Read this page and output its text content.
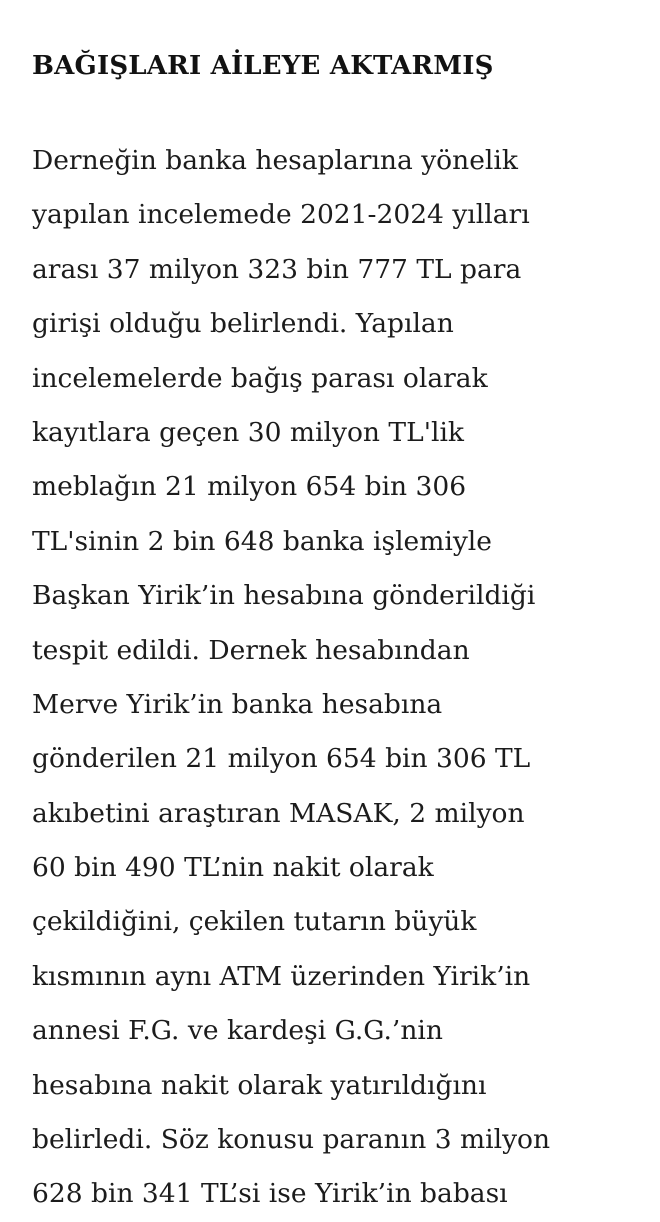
BAĞIŞLARI AİLEYE AKTARMIŞ
Derneğin banka hesaplarına yönelik
yapılan incelemede 2021-2024 yılları
arası 37 milyon 323 bin 777 TL para
girişi olduğu belirlendi. Yapılan
incelemelerde bağış parası olarak
kayıtlara geçen 30 milyon TL'lik
meblağın 21 milyon 654 bin 306
TL'sinin 2 bin 648 banka işlemiyle
Başkan Yirik’in hesabına gönderildiği
tespit edildi. Dernek hesabından
Merve Yirik’in banka hesabına
gönderilen 21 milyon 654 bin 306 TL
akıbetini araştıran MASAK, 2 milyon
60 bin 490 TL’nin nakit olarak
çekildiğini, çekilen tutarın büyük
kısmının aynı ATM üzerinden Yirik’in
annesi F.G. ve kardeşi G.G.’nin
hesabına nakit olarak yatırıldığını
belirledi. Söz konusu paranın 3 milyon
628 bin 341 TL’si ise Yirik’in babası
